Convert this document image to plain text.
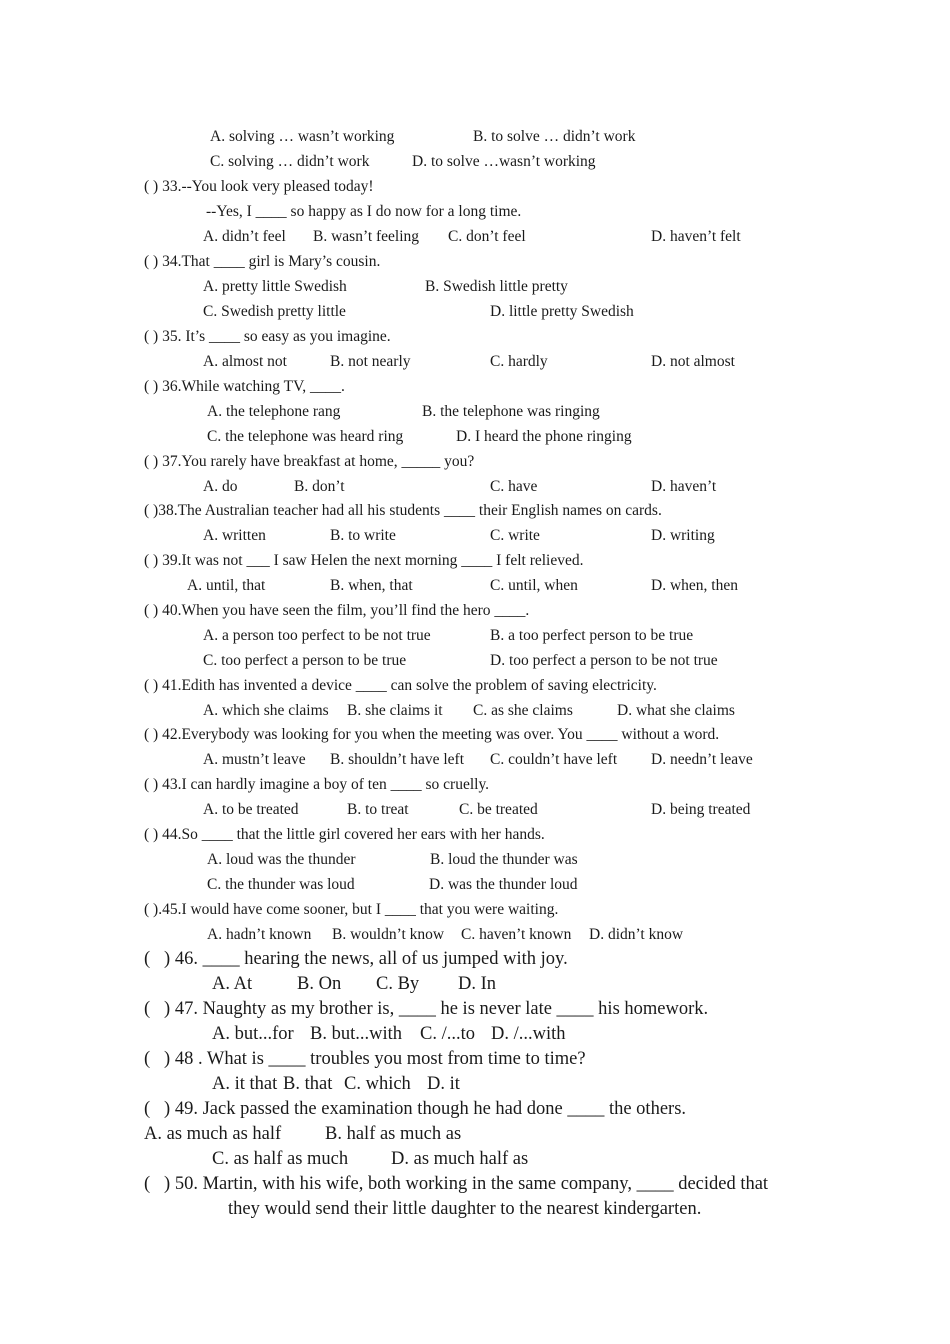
A. solving … wasn’t working	B. to solve … didn’t work
C. solving … didn’t work	D. to solve …wasn’t working
( ) 33.--You look very pleased today!
--Yes, I ____ so happy as I do now for a long time.
A. didn’t feel B. wasn’t feeling C. don’t feel	D. haven’t felt
( ) 34.That ____ girl is Mary’s cousin.
A. pretty little Swedish	B. Swedish little pretty
C. Swedish pretty little	D. little pretty Swedish
( ) 35. It’s ____ so easy as you imagine.
A. almost not	B. not nearly	C. hardly	D. not almost
( ) 36.While watching TV, ____.
A. the telephone rang	B. the telephone was ringing
C. the telephone was heard ring	D. I heard the phone ringing
( ) 37.You rarely have breakfast at home, _____ you?
A. do	B. don’t	C. have	D. haven’t
( )38.The Australian teacher had all his students ____ their English names on cards.
A. written	B. to write	C. write	D. writing
( ) 39.It was not ___ I saw Helen the next morning ____ I felt relieved.
A. until, that	B. when, that	C. until, when	D. when, then
( ) 40.When you have seen the film, you’ll find the hero ____.
A. a person too perfect to be not true	B. a too perfect person to be true
C. too perfect a person to be true	D. too perfect a person to be not true
( ) 41.Edith has invented a device ____ can solve the problem of saving electricity.
A. which she claims B. she claims it C. as she claims	D. what she claims
( ) 42.Everybody was looking for you when the meeting was over. You ____ without a word.
A. mustn’t leave B. shouldn’t have left C. couldn’t have left D. needn’t leave
( ) 43.I can hardly imagine a boy of ten ____ so cruelly.
A. to be treated	B. to treat	C. be treated	D. being treated
( ) 44.So ____ that the little girl covered her ears with her hands.
A. loud was the thunder	B. loud the thunder was
C. the thunder was loud	D. was the thunder loud
( ).45.I would have come sooner, but I ____ that you were waiting.
A. hadn’t known B. wouldn’t know C. haven’t known D. didn’t know
(   ) 46. ____ hearing the news, all of us jumped with joy.
A. At B. On C. By D. In
(   ) 47. Naughty as my brother is, ____ he is never late ____ his homework.
A. but...for B. but...with C. /...to D. /...with
(   ) 48 . What is ____ troubles you most from time to time?
A. it that B. that C. which D. it
(   ) 49. Jack passed the examination though he had done ____ the others.
A. as much as half B. half as much as
C. as half as much D. as much half as
(   ) 50. Martin, with his wife, both working in the same company, ____ decided that
they would send their little daughter to the nearest kindergarten.
